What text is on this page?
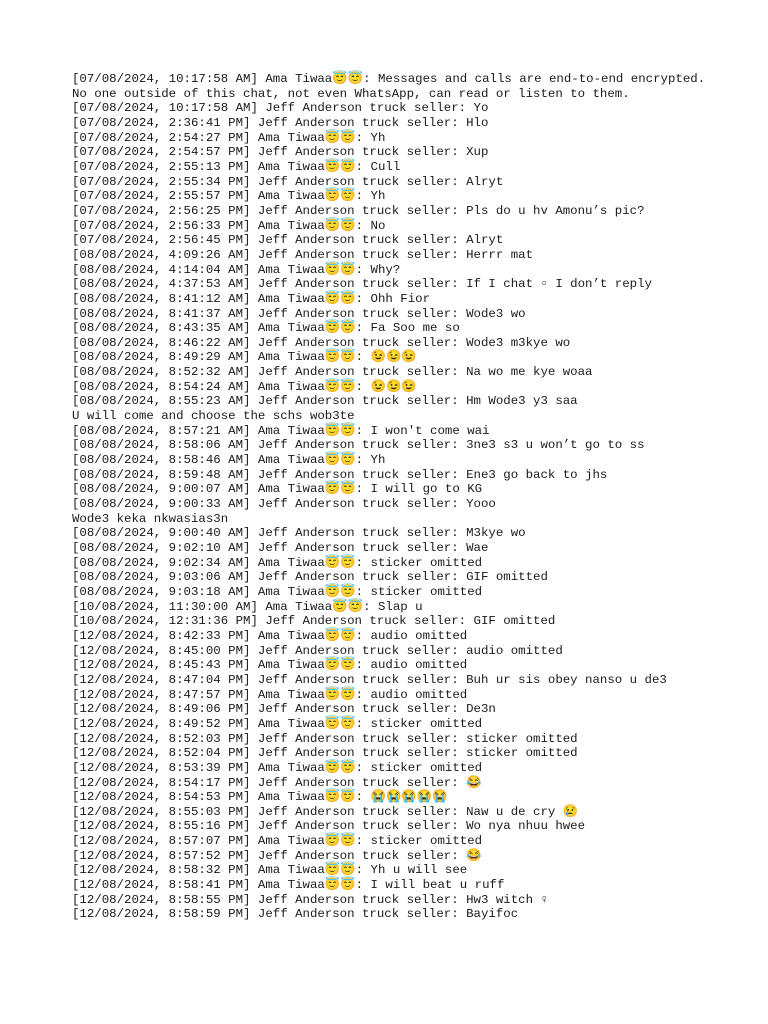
[07/08/2024, 10:17:58 AM] Ama Tiwaa😇😇: Messages and calls are end-to-end encrypted. No one outside of this chat, not even WhatsApp, can read or listen to them.
[07/08/2024, 10:17:58 AM] Jeff Anderson truck seller: Yo
[07/08/2024, 2:36:41 PM] Jeff Anderson truck seller: Hlo
[07/08/2024, 2:54:27 PM] Ama Tiwaa😇😇: Yh
[07/08/2024, 2:54:57 PM] Jeff Anderson truck seller: Xup
[07/08/2024, 2:55:13 PM] Ama Tiwaa😇😇: Cull
[07/08/2024, 2:55:34 PM] Jeff Anderson truck seller: Alryt
[07/08/2024, 2:55:57 PM] Ama Tiwaa😇😇: Yh
[07/08/2024, 2:56:25 PM] Jeff Anderson truck seller: Pls do u hv Amonu’s pic?
[07/08/2024, 2:56:33 PM] Ama Tiwaa😇😇: No
[07/08/2024, 2:56:45 PM] Jeff Anderson truck seller: Alryt
[08/08/2024, 4:09:26 AM] Jeff Anderson truck seller: Herrr mat
[08/08/2024, 4:14:04 AM] Ama Tiwaa😇😇: Why?
[08/08/2024, 4:37:53 AM] Jeff Anderson truck seller: If I chat ▫ I don’t reply
[08/08/2024, 8:41:12 AM] Ama Tiwaa😇😇: Ohh Fior
[08/08/2024, 8:41:37 AM] Jeff Anderson truck seller: Wode3 wo
[08/08/2024, 8:43:35 AM] Ama Tiwaa😇😇: Fa Soo me so
[08/08/2024, 8:46:22 AM] Jeff Anderson truck seller: Wode3 m3kye wo
[08/08/2024, 8:49:29 AM] Ama Tiwaa😇😇: 😉😉😉
[08/08/2024, 8:52:32 AM] Jeff Anderson truck seller: Na wo me kye woaa
[08/08/2024, 8:54:24 AM] Ama Tiwaa😇😇: 😉😉😉
[08/08/2024, 8:55:23 AM] Jeff Anderson truck seller: Hm Wode3 y3 saa
U will come and choose the schs wob3te
[08/08/2024, 8:57:21 AM] Ama Tiwaa😇😇: I won't come wai
[08/08/2024, 8:58:06 AM] Jeff Anderson truck seller: 3ne3 s3 u won’t go to ss
[08/08/2024, 8:58:46 AM] Ama Tiwaa😇😇: Yh
[08/08/2024, 8:59:48 AM] Jeff Anderson truck seller: Ene3 go back to jhs
[08/08/2024, 9:00:07 AM] Ama Tiwaa😇😇: I will go to KG
[08/08/2024, 9:00:33 AM] Jeff Anderson truck seller: Yooo
Wode3 keka nkwasias3n
[08/08/2024, 9:00:40 AM] Jeff Anderson truck seller: M3kye wo
[08/08/2024, 9:02:10 AM] Jeff Anderson truck seller: Wae
[08/08/2024, 9:02:34 AM] Ama Tiwaa😇😇: sticker omitted
[08/08/2024, 9:03:06 AM] Jeff Anderson truck seller: GIF omitted
[08/08/2024, 9:03:18 AM] Ama Tiwaa😇😇: sticker omitted
[10/08/2024, 11:30:00 AM] Ama Tiwaa😇😇: Slap u
[10/08/2024, 12:31:36 PM] Jeff Anderson truck seller: GIF omitted
[12/08/2024, 8:42:33 PM] Ama Tiwaa😇😇: audio omitted
[12/08/2024, 8:45:00 PM] Jeff Anderson truck seller: audio omitted
[12/08/2024, 8:45:43 PM] Ama Tiwaa😇😇: audio omitted
[12/08/2024, 8:47:04 PM] Jeff Anderson truck seller: Buh ur sis obey nanso u de3
[12/08/2024, 8:47:57 PM] Ama Tiwaa😇😇: audio omitted
[12/08/2024, 8:49:06 PM] Jeff Anderson truck seller: De3n
[12/08/2024, 8:49:52 PM] Ama Tiwaa😇😇: sticker omitted
[12/08/2024, 8:52:03 PM] Jeff Anderson truck seller: sticker omitted
[12/08/2024, 8:52:04 PM] Jeff Anderson truck seller: sticker omitted
[12/08/2024, 8:53:39 PM] Ama Tiwaa😇😇: sticker omitted
[12/08/2024, 8:54:17 PM] Jeff Anderson truck seller: 😂
[12/08/2024, 8:54:53 PM] Ama Tiwaa😇😇: 😭😭😭😭😭
[12/08/2024, 8:55:03 PM] Jeff Anderson truck seller: Naw u de cry 😢
[12/08/2024, 8:55:16 PM] Jeff Anderson truck seller: Wo nya nhuu hwee
[12/08/2024, 8:57:07 PM] Ama Tiwaa😇😇: sticker omitted
[12/08/2024, 8:57:52 PM] Jeff Anderson truck seller: 😂
[12/08/2024, 8:58:32 PM] Ama Tiwaa😇😇: Yh u will see
[12/08/2024, 8:58:41 PM] Ama Tiwaa😇😇: I will beat u ruff
[12/08/2024, 8:58:55 PM] Jeff Anderson truck seller: Hw3 witch ♀
[12/08/2024, 8:58:59 PM] Jeff Anderson truck seller: Bayifoc
